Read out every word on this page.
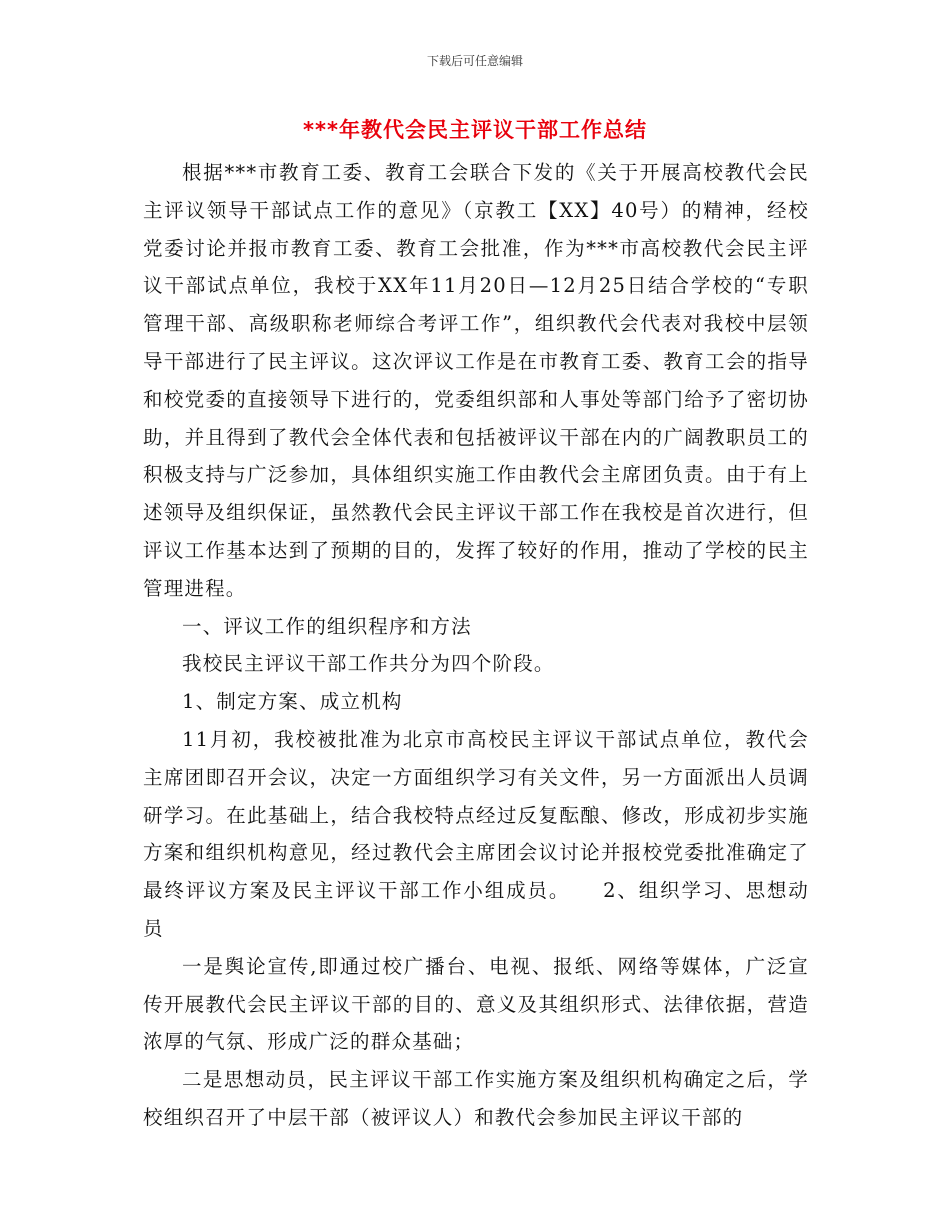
下载后可任意编辑
***年教代会民主评议干部工作总结

根据***市教育工委、教育工会联合下发的《关于开展高校教代会民主评议领导干部试点工作的意见》（京教工【XX】40号）的精神，经校党委讨论并报市教育工委、教育工会批准，作为***市高校教代会民主评议干部试点单位，我校于XX年11月20日—12月25日结合学校的“专职管理干部、高级职称老师综合考评工作”，组织教代会代表对我校中层领导干部进行了民主评议。这次评议工作是在市教育工委、教育工会的指导和校党委的直接领导下进行的，党委组织部和人事处等部门给予了密切协助，并且得到了教代会全体代表和包括被评议干部在内的广阔教职员工的积极支持与广泛参加，具体组织实施工作由教代会主席团负责。由于有上述领导及组织保证，虽然教代会民主评议干部工作在我校是首次进行，但评议工作基本达到了预期的目的，发挥了较好的作用，推动了学校的民主管理进程。

一、评议工作的组织程序和方法

我校民主评议干部工作共分为四个阶段。

1、制定方案、成立机构

11月初，我校被批准为北京市高校民主评议干部试点单位，教代会主席团即召开会议，决定一方面组织学习有关文件，另一方面派出人员调研学习。在此基础上，结合我校特点经过反复酝酿、修改，形成初步实施方案和组织机构意见，经过教代会主席团会议讨论并报校党委批准确定了最终评议方案及民主评议干部工作小组成员。　　2、组织学习、思想动员

一是舆论宣传,即通过校广播台、电视、报纸、网络等媒体，广泛宣传开展教代会民主评议干部的目的、意义及其组织形式、法律依据，营造浓厚的气氛、形成广泛的群众基础；

二是思想动员，民主评议干部工作实施方案及组织机构确定之后，学校组织召开了中层干部（被评议人）和教代会参加民主评议干部的
